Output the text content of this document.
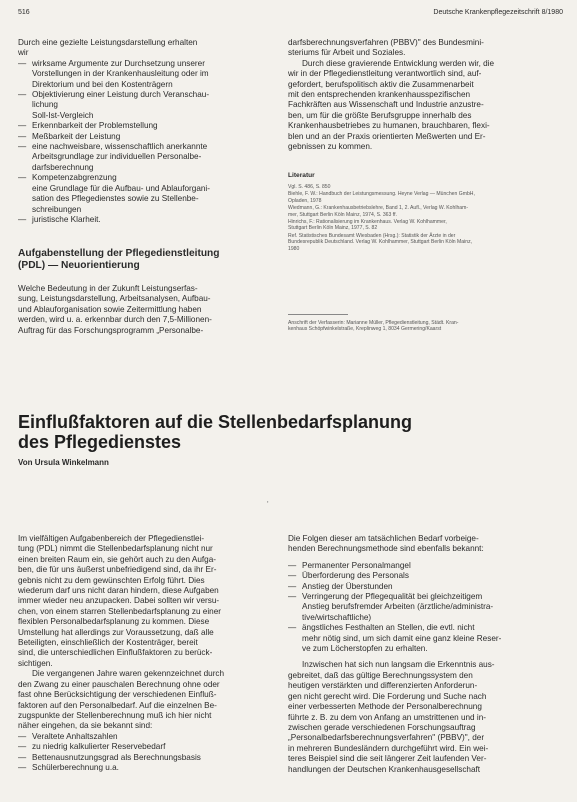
516	Deutsche Krankenpflegezeitschrift 8/1980

Durch eine gezielte Leistungsdarstellung erhalten
wir

— wirksame Argumente zur Durchsetzung unserer
Vorstellungen in der Krankenhausleitung oder im
Direktorium und bei den Kostenträgern
— Objektivierung einer Leistung durch Veranschau-
lichung
Soll-Ist-Vergleich
— Erkennbarkeit der Problemstellung
— Meßbarkeit der Leistung
— eine nachweisbare, wissenschaftlich anerkannte
Arbeitsgrundlage zur individuellen Personalbe-
darfsberechnung
— Kompetenzabgrenzung
eine Grundlage für die Aufbau- und Ablauforgani-
sation des Pflegedienstes sowie zu Stellenbe-
schreibungen
— juristische Klarheit.
Aufgabenstellung der Pflegedienstleitung
(PDL) — Neuorientierung
Welche Bedeutung in der Zukunft Leistungserfas-
sung, Leistungsdarstellung, Arbeitsanalysen, Aufbau-
und Ablauforganisation sowie Zeitermittlung haben
werden, wird u. a. erkennbar durch den 7,5-Millionen-
Auftrag für das Forschungsprogramm „Personalbe-

darfsberechnungsverfahren (PBBV)" des Bundesmini-
steriums für Arbeit und Soziales.

Durch diese gravierende Entwicklung werden wir, die
wir in der Pflegedienstleitung verantwortlich sind, auf-
gefordert, berufspolitisch aktiv die Zusammenarbeit
mit den entsprechenden krankenhausspezifischen
Fachkräften aus Wissenschaft und Industrie anzustre-
ben, um für die größte Berufsgruppe innerhalb des
Krankenhausbetriebes zu humanen, brauchbaren, flexi-
blen und an der Praxis orientierten Meßwerten und Er-
gebnissen zu kommen.

Literatur
Vgl. S. 486, S. 850
Biehle, F. W.: Handbuch der Leistungsmessung. Heyne Verlag — München GmbH,
Opladen, 1978
Wiedmann, G.: Krankenhausbetriebslehre, Band 1, 2. Aufl., Verlag W. Kohlham-
mer, Stuttgart Berlin Köln Mainz, 1974, S. 363 ff.
Hinrichs, F.: Rationalisierung im Krankenhaus. Verlag W. Kohlhammer,
Stuttgart Berlin Köln Mainz, 1977, S. 82
Ref. Statistisches Bundesamt Wiesbaden (Hrsg.): Statistik der Ärzte in der
Bundesrepublik Deutschland. Verlag W. Kohlhammer, Stuttgart Berlin Köln Mainz,
1980
Anschrift der Verfasserin: Marianne Müller, Pflegedienstleitung, Städt. Kran-
kenhaus Schöpfwinkelstraße, Kreplinweg 1, 8034 Germering/Kaarst
Einflußfaktoren auf die Stellenbedarfsplanung
des Pflegedienstes
Von Ursula Winkelmann
'

Im vielfältigen Aufgabenbereich der Pflegedienstlei-
tung (PDL) nimmt die Stellenbedarfsplanung nicht nur
einen breiten Raum ein, sie gehört auch zu den Aufga-
ben, die für uns äußerst unbefriedigend sind, da ihr Er-
gebnis nicht zu dem gewünschten Erfolg führt. Dies
wiederum darf uns nicht daran hindern, diese Aufgaben
immer wieder neu anzupacken. Dabei sollten wir versu-
chen, von einem starren Stellenbedarfsplanung zu einer
flexiblen Personalbedarfsplanung zu kommen. Diese
Umstellung hat allerdings zur Voraussetzung, daß alle
Beteiligten, einschließlich der Kostenträger, bereit
sind, die unterschiedlichen Einflußfaktoren zu berück-
sichtigen.

Die vergangenen Jahre waren gekennzeichnet durch
den Zwang zu einer pauschalen Berechnung ohne oder
fast ohne Berücksichtigung der verschiedenen Einfluß-
faktoren auf den Personalbedarf. Auf die einzelnen Be-
zugspunkte der Stellenberechnung muß ich hier nicht
näher eingehen, da sie bekannt sind:

— Veraltete Anhaltszahlen
— zu niedrig kalkulierter Reservebedarf
— Bettenausnutzungsgrad als Berechnungsbasis
— Schülerberechnung u.a.

Die Folgen dieser am tatsächlichen Bedarf vorbeige-
henden Berechnungsmethode sind ebenfalls bekannt:

— Permanenter Personalmangel
— Überforderung des Personals
— Anstieg der Überstunden
— Verringerung der Pflegequalität bei gleichzeitigem
Anstieg berufsfremder Arbeiten (ärztliche/administra-
tive/wirtschaftliche)
— ängstliches Festhalten an Stellen, die evtl. nicht
mehr nötig sind, um sich damit eine ganz kleine Reser-
ve zum Löcherstopfen zu erhalten.

Inzwischen hat sich nun langsam die Erkenntnis aus-
gebreitet, daß das gültige Berechnungssystem den
heutigen verstärkten und differenzierten Anforderun-
gen nicht gerecht wird. Die Forderung und Suche nach
einer verbesserten Methode der Personalberechnung
führte z. B. zu dem von Anfang an umstrittenen und in-
zwischen gerade verschiedenen Forschungsauftrag
„Personalbedarfsberechnungsverfahren" (PBBV)", der
in mehreren Bundesländern durchgeführt wird. Ein wei-
teres Beispiel sind die seit längerer Zeit laufenden Ver-
handlungen der Deutschen Krankenhausgesellschaft
